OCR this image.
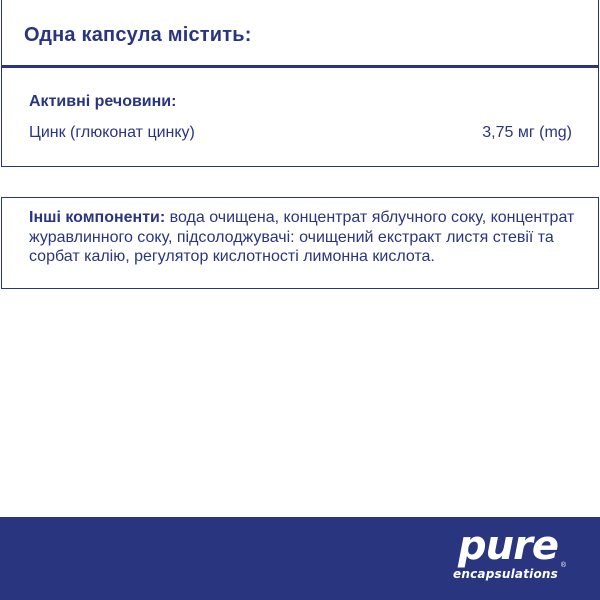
Одна капсула містить:
Активні речовини:
Цинк (глюконат цинку)	3,75 мг (mg)
Інші компоненти: вода очищена, концентрат яблучного соку, концентрат журавлинного соку, підсолоджувачі: очищений екстракт листя стевії та сорбат калію, регулятор кислотності лимонна кислота.
pure
encapsulations
®
